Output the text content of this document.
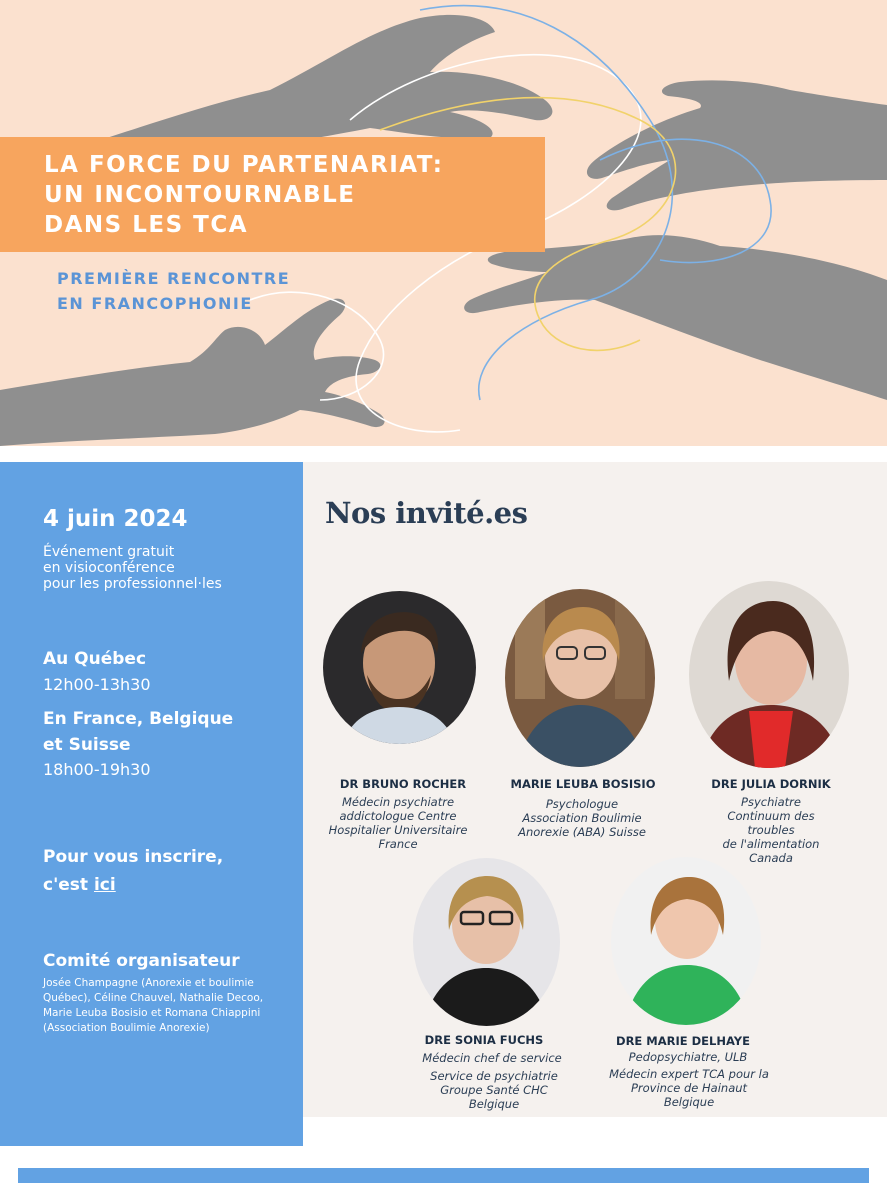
LA FORCE DU PARTENARIAT:
UN INCONTOURNABLE
DANS LES TCA
PREMIÈRE RENCONTRE
EN FRANCOPHONIE
4 juin 2024
Événement gratuit
en visioconférence
pour les professionnel·les
Au Québec
12h00-13h30
En France, Belgique
et Suisse
18h00-19h30
Pour vous inscrire,
c'est ici
Comité organisateur
Josée Champagne (Anorexie et boulimie Québec), Céline Chauvel, Nathalie Decoo, Marie Leuba Bosisio et Romana Chiappini (Association Boulimie Anorexie)
Nos invité.es
DR BRUNO ROCHER
Médecin psychiatre
addictologue Centre
Hospitalier Universitaire
France
MARIE LEUBA BOSISIO
Psychologue
Association Boulimie
Anorexie (ABA) Suisse
DRE JULIA DORNIK
Psychiatre
Continuum des troubles
de l'alimentation
Canada
DRE SONIA FUCHS
Médecin chef de service
Service de psychiatrie
Groupe Santé CHC
Belgique
DRE MARIE DELHAYE
Pedopsychiatre, ULB
Médecin expert TCA pour la
Province de Hainaut
Belgique
